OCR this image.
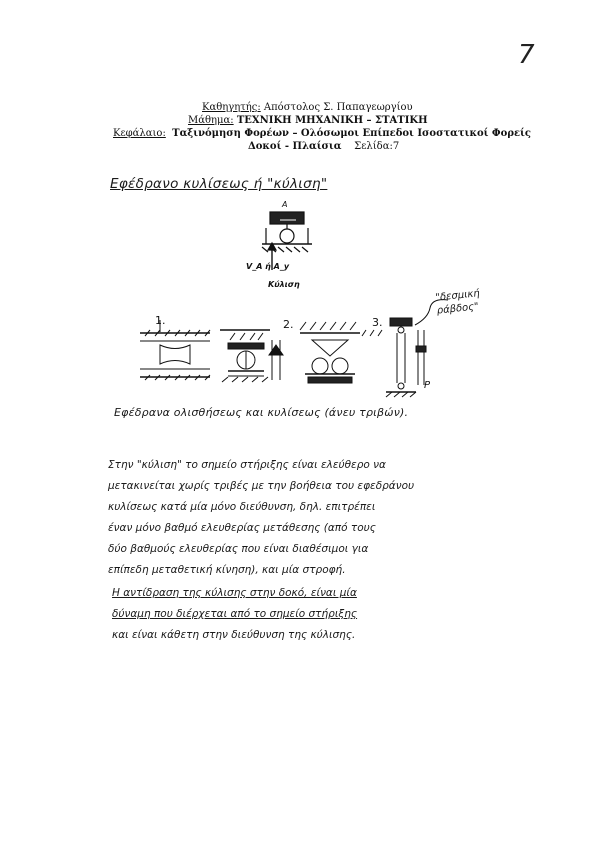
7
Καθηγητής: Απόστολος Σ. Παπαγεωργίου
Μάθημα: ΤΕΧΝΙΚΗ ΜΗΧΑΝΙΚΗ – ΣΤΑΤΙΚΗ
Κεφάλαιο: Ταξινόμηση Φορέων – Ολόσωμοι Επίπεδοι Ισοστατικοί Φορείς
Δοκοί - Πλαίσια Σελίδα:7
Εφέδρανο κυλίσεως ή "κύλιση"
A
V_A ή A_y
Κύλιση
1.	2.	3.
"δεσμική ράβδος"
P
Εφέδρανα ολισθήσεως και κυλίσεως (άνευ τριβών).
Στην "κύλιση" το σημείο στήριξης είναι ελεύθερο να
μετακινείται χωρίς τριβές με την βοήθεια του εφεδράνου
κυλίσεως κατά μία μόνο διεύθυνση, δηλ. επιτρέπει
έναν μόνο βαθμό ελευθερίας μετάθεσης (από τους
δύο βαθμούς ελευθερίας που είναι διαθέσιμοι για
επίπεδη μεταθετική κίνηση), και μία στροφή.
Η αντίδραση της κύλισης στην δοκό, είναι μία
δύναμη που διέρχεται από το σημείο στήριξης
και είναι κάθετη στην διεύθυνση της κύλισης.
